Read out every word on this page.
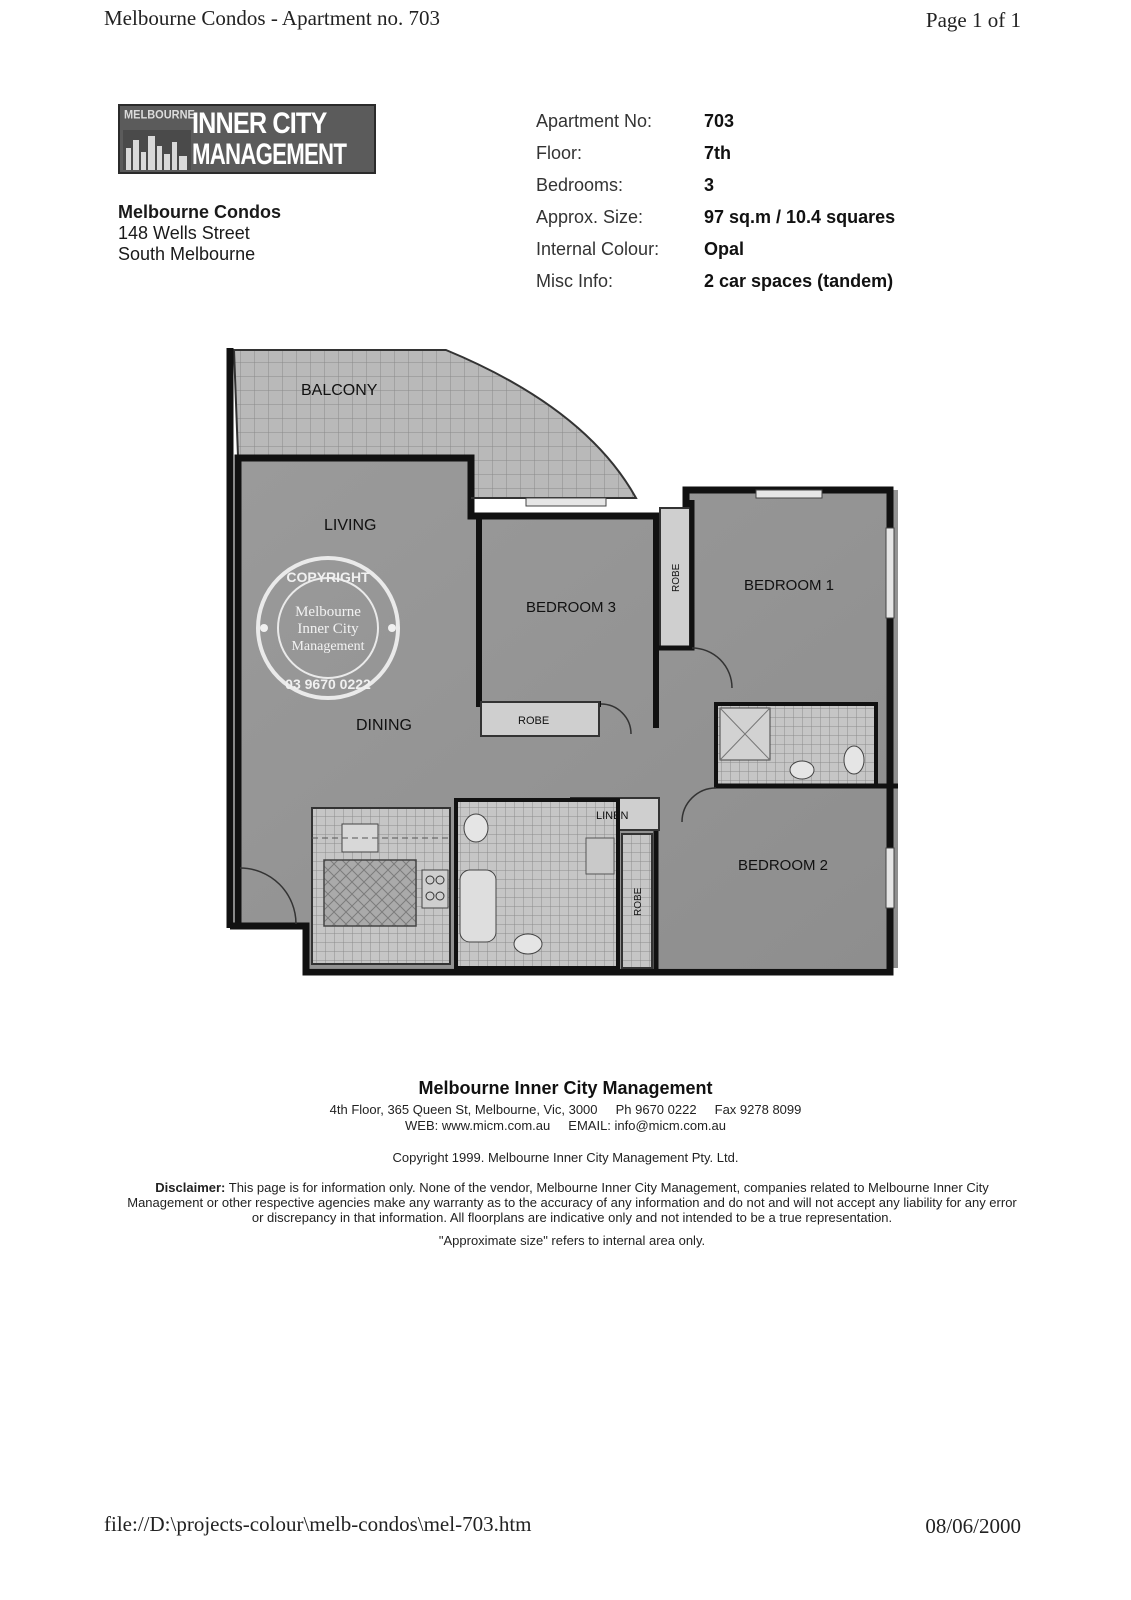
Melbourne Condos - Apartment no. 703	Page 1 of 1
MELBOURNE
INNER CITY
MANAGEMENT
Melbourne Condos
148 Wells Street
South Melbourne
Apartment No:	703
Floor:	7th
Bedrooms:	3
Approx. Size:	97 sq.m / 10.4 squares
Internal Colour:	Opal
Misc Info:	2 car spaces (tandem)
BALCONY
LIVING
DINING
BEDROOM 3
BEDROOM 1
BEDROOM 2
ROBE
ROBE
ROBE
LINEN
COPYRIGHT
Melbourne
Inner City
Management
03 9670 0222
Melbourne Inner City Management
4th Floor, 365 Queen St, Melbourne, Vic, 3000 Ph 9670 0222 Fax 9278 8099
WEB: www.micm.com.au EMAIL: info@micm.com.au
Copyright 1999. Melbourne Inner City Management Pty. Ltd.
Disclaimer: This page is for information only. None of the vendor, Melbourne Inner City Management, companies related to Melbourne Inner City Management or other respective agencies make any warranty as to the accuracy of any information and do not and will not accept any liability for any error or discrepancy in that information. All floorplans are indicative only and not intended to be a true representation.
"Approximate size" refers to internal area only.
file://D:\projects-colour\melb-condos\mel-703.htm	08/06/2000
